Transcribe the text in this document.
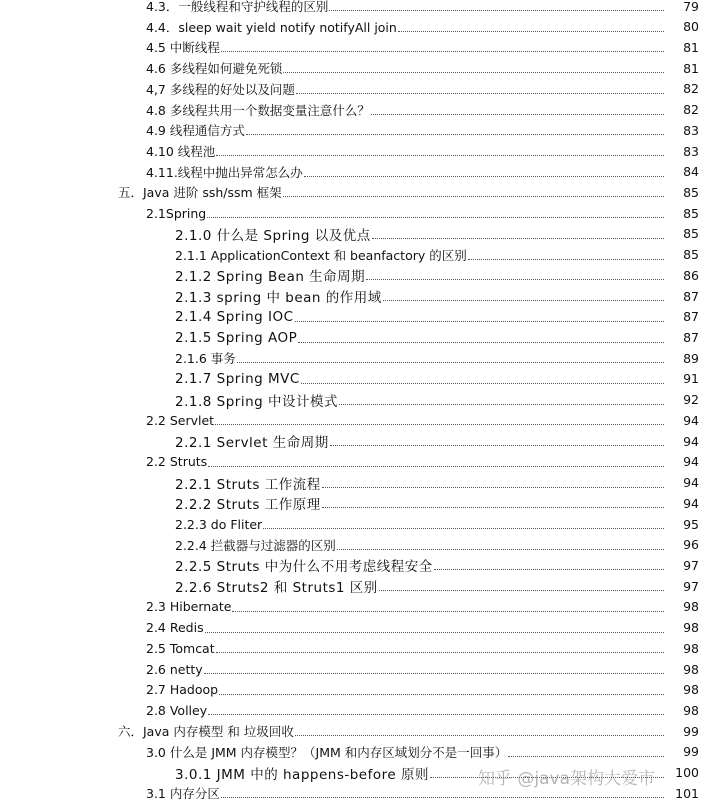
4.3．一般线程和守护线程的区别	79
4.4．sleep wait yield notify notifyAll join	80
4.5 中断线程	81
4.6 多线程如何避免死锁	81
4,7 多线程的好处以及问题	82
4.8 多线程共用一个数据变量注意什么？	82
4.9 线程通信方式	83
4.10 线程池	83
4.11.线程中抛出异常怎么办	84
五．Java 进阶 ssh/ssm 框架	85
2.1Spring	85
2.1.0 什么是 Spring 以及优点	85
2.1.1 ApplicationContext 和 beanfactory 的区别	85
2.1.2 Spring Bean 生命周期	86
2.1.3 spring 中 bean 的作用域	87
2.1.4 Spring IOC	87
2.1.5 Spring AOP	87
2.1.6 事务	89
2.1.7 Spring MVC	91
2.1.8 Spring 中设计模式	92
2.2 Servlet	94
2.2.1 Servlet 生命周期	94
2.2 Struts	94
2.2.1 Struts 工作流程	94
2.2.2 Struts 工作原理	94
2.2.3 do Fliter	95
2.2.4 拦截器与过滤器的区别	96
2.2.5 Struts 中为什么不用考虑线程安全	97
2.2.6 Struts2 和 Struts1 区别	97
2.3 Hibernate	98
2.4 Redis	98
2.5 Tomcat	98
2.6 netty	98
2.7 Hadoop	98
2.8 Volley	98
六．Java 内存模型 和 垃圾回收	99
3.0 什么是 JMM 内存模型？（JMM 和内存区域划分不是一回事）	99
3.0.1 JMM 中的 happens-before 原则	100
3.1 内存分区	101
知乎 @java架构大爱市
